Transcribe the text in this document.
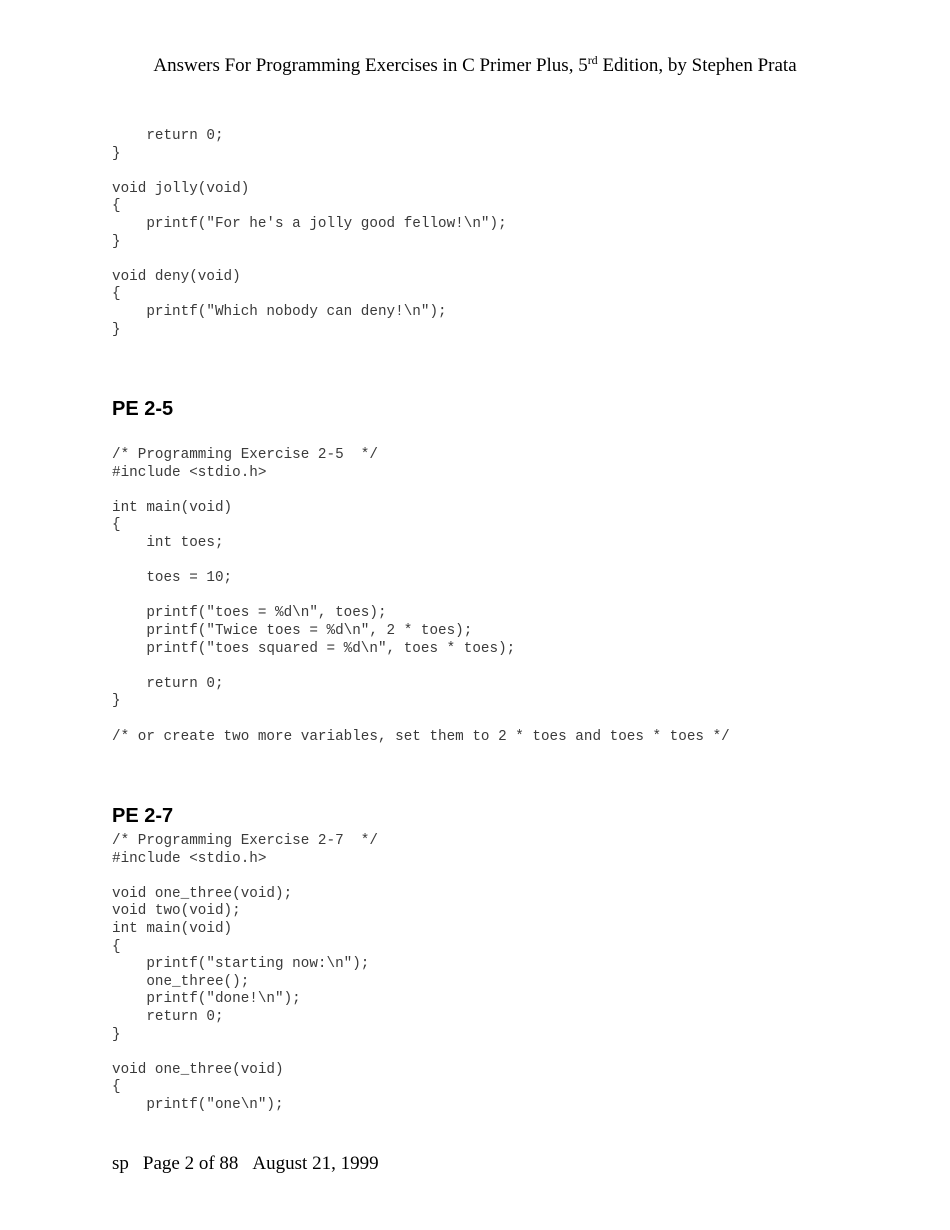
Answers For Programming Exercises in C Primer Plus, 5rd Edition, by Stephen Prata
return 0;
}
void jolly(void)
{
printf("For he's a jolly good fellow!\n");
}
void deny(void)
{
printf("Which nobody can deny!\n");
}
PE 2-5
/* Programming Exercise 2-5  */
#include <stdio.h>
int main(void)
{
int toes;
toes = 10;
printf("toes = %d\n", toes);
printf("Twice toes = %d\n", 2 * toes);
printf("toes squared = %d\n", toes * toes);
return 0;
}
/* or create two more variables, set them to 2 * toes and toes * toes */
PE 2-7
/* Programming Exercise 2-7  */
#include <stdio.h>
void one_three(void);
void two(void);
int main(void)
{
printf("starting now:\n");
one_three();
printf("done!\n");
return 0;
}
void one_three(void)
{
printf("one\n");
sp Page 2 of 88 August 21, 1999
